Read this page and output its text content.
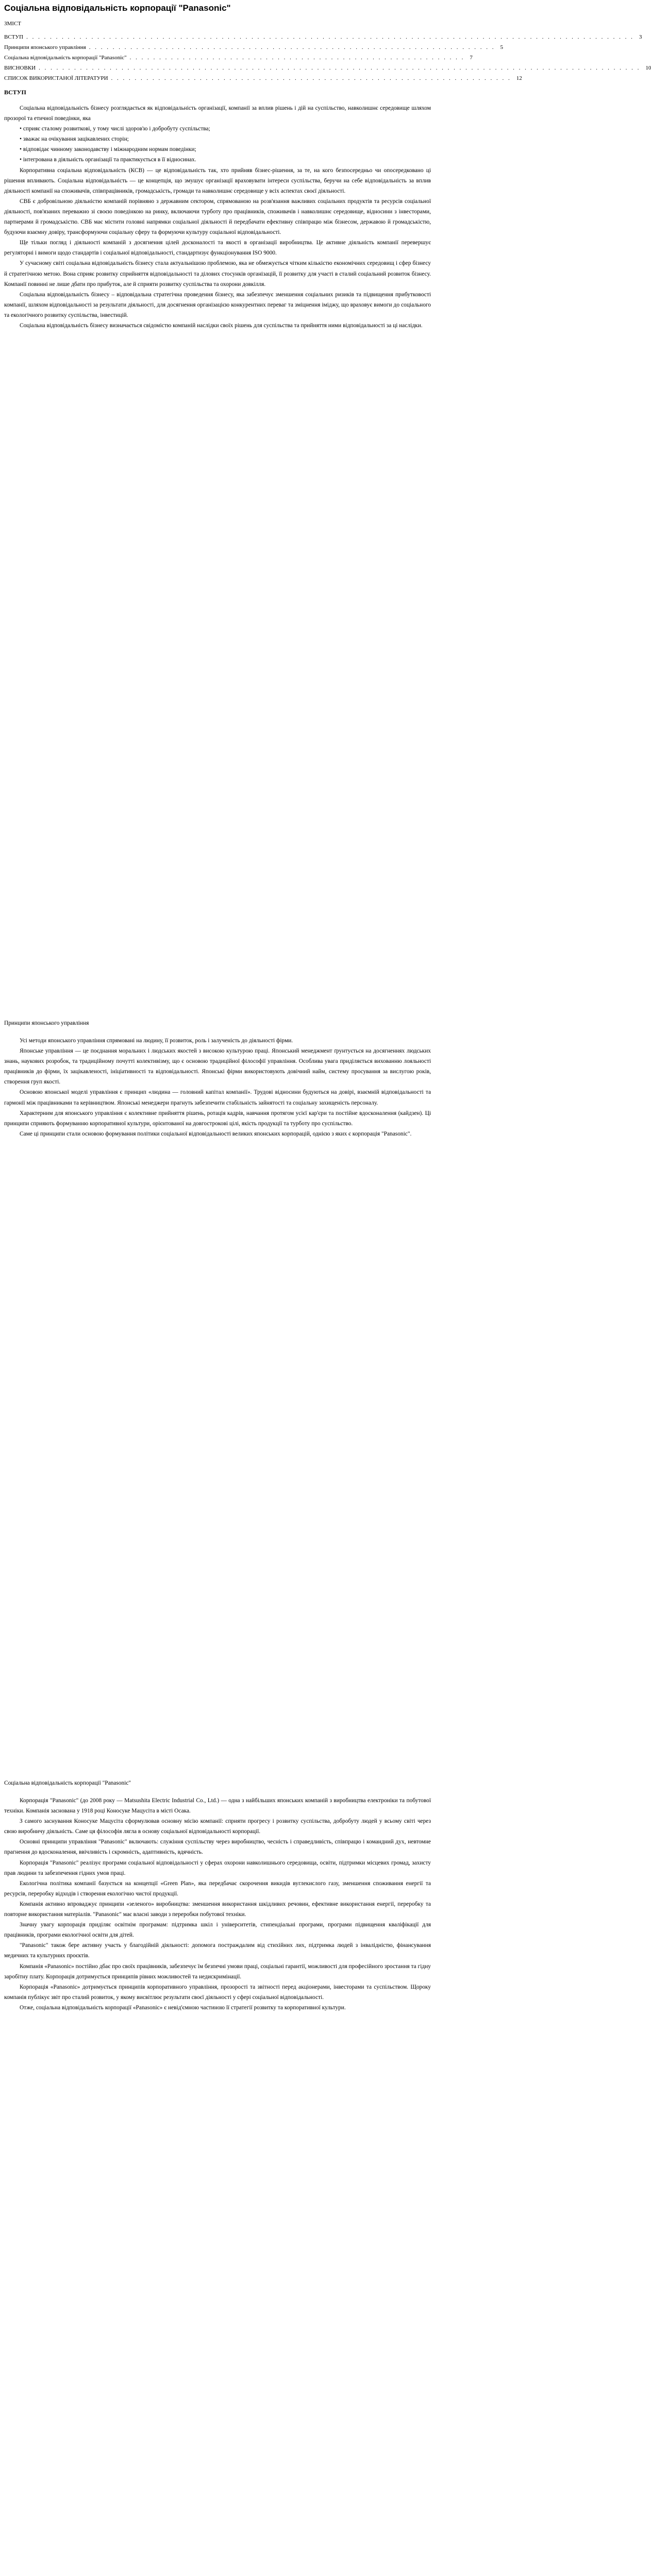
Соціальна відповідальність корпорації "Panasonic"
ЗМІСТ
ВСТУП . . . . . . . . . . . . . . . . . . . . . . . . . . . . . . . . . . . . . . . . . . . . . . . . . . . . . . . . . . . . . . . . . . . . . . . . . . . . . . . . . . . . . . . . . . . . . . . . . . . . . . . 3
Принципи японського управління . . . . . . . . . . . . . . . . . . . . . . . . . . . . . . . . . . . . . . . . . . . . . . . . . . . . . . . . . . . . . . . . . . . . . 5
Соціальна відповідальність корпорації "Panasonic" . . . . . . . . . . . . . . . . . . . . . . . . . . . . . . . . . . . . . . . . . . . . . . . . . . . . . . . . . 7
ВИСНОВКИ . . . . . . . . . . . . . . . . . . . . . . . . . . . . . . . . . . . . . . . . . . . . . . . . . . . . . . . . . . . . . . . . . . . . . . . . . . . . . . . . . . . . . . . . . . . . . . . . . . . . . . 10
СПИСОК ВИКОРИСТАНОЇ ЛІТЕРАТУРИ . . . . . . . . . . . . . . . . . . . . . . . . . . . . . . . . . . . . . . . . . . . . . . . . . . . . . . . . . . . . . . . . . . . . 12
ВСТУП

Соціальна відповідальність бізнесу розглядається як відповідальність організації, компанії за вплив рішень і дій на суспільство, навколишнє середовище шляхом прозорої та етичної поведінки, яка

• сприяє сталому розвиткові, у тому числі здоров'ю і добробуту суспільства;

• зважає на очікування зацікавлених сторін;

• відповідає чинному законодавству і міжнародним нормам поведінки;

• інтегрована в діяльність організації та практикується в її відносинах.

Корпоративна соціальна відповідальність (КСВ) — це відповідальність так, хто прийняв бізнес-рішення, за те, на кого безпосередньо чи опосередковано ці рішення впливають. Соціальна відповідальність — це концепція, що змушує організації враховувати інтереси суспільства, беручи на себе відповідальність за вплив діяльності компанії на споживачів, співпрацівників, громадськість, громади та навколишнє середовище у всіх аспектах своєї діяльності.

СВБ є добровільною діяльністю компаній порівняно з державним сектором, спрямованою на розв'язання важливих соціальних продуктів та ресурсів соціальної діяльності, пов'язаних переважно зі своєю поведінкою на ринку, включаючи турботу про працівників, споживачів і навколишнє середовище, відносини з інвесторами, партнерами й громадськістю. СВБ має містити головні напрямки соціальної діяльності й передбачати ефективну співпрацю між бізнесом, державою й громадськістю, будуючи взаємну довіру, трансформуючи соціальну сферу та формуючи культуру соціальної відповідальності.

Ще тільки погляд і діяльності компаній з досягнення цілей досконалості та якості в організації виробництва. Це активне діяльність компанії перевершує регуляторні і вимоги щодо стандартів і соціальної відповідальності, стандартизує функціонування ISO 9000.

У сучасному світі соціальна відповідальність бізнесу стала актуальнішою проблемою, яка не обмежується чітким кількістю економічних середовищ і сфер бізнесу й стратегічною метою. Вона сприяє розвитку сприйняття відповідальності та ділових стосунків організацій, її розвитку для участі в сталий соціальний розвиток бізнесу. Компанії повинні не лише дбати про прибуток, але й сприяти розвитку суспільства та охорони довкілля.

Соціальна відповідальність бізнесу – відповідальна стратегічна проведення бізнесу, яка забезпечує зменшення соціальних ризиків та підвищення прибутковості компанії, шляхом відповідальності за результати діяльності, для досягнення організацією конкурентних переваг та зміцнення іміджу, що враховує вимоги до соціального та екологічного розвитку суспільства, інвестицій.

Соціальна відповідальність бізнесу визначається свідомістю компаній наслідки своїх рішень для суспільства та прийняття ними відповідальності за ці наслідки.

Принципи японського управління

Усі методи японського управління спрямовані на людину, її розвиток, роль і залученість до діяльності фірми.

Японське управління — це поєднання моральних і людських якостей з високою культурою праці. Японський менеджмент ґрунтується на досягненнях людських знань, наукових розробок, та традиційному почутті колективізму, що є основою традиційної філософії управління. Особлива увага приділяється вихованню лояльності працівників до фірми, їх зацікавленості, ініціативності та відповідальності. Японські фірми використовують довічний найм, систему просування за вислугою років, створення груп якості.

Основою японської моделі управління є принцип «людина — головний капітал компанії». Трудові відносини будуються на довірі, взаємній відповідальності та гармонії між працівниками та керівництвом. Японські менеджери прагнуть забезпечити стабільність зайнятості та соціальну захищеність персоналу.

Характерним для японського управління є колективне прийняття рішень, ротація кадрів, навчання протягом усієї кар'єри та постійне вдосконалення (кайдзен). Ці принципи сприяють формуванню корпоративної культури, орієнтованої на довгострокові цілі, якість продукції та турботу про суспільство.

Саме ці принципи стали основою формування політики соціальної відповідальності великих японських корпорацій, однією з яких є корпорація "Panasonic".

Соціальна відповідальність корпорації "Panasonic"

Корпорація "Panasonic" (до 2008 року — Matsushita Electric Industrial Co., Ltd.) — одна з найбільших японських компаній з виробництва електроніки та побутової техніки. Компанія заснована у 1918 році Коносуке Мацусіта в місті Осака.

З самого заснування Коносуке Мацусіта сформулював основну місію компанії: сприяти прогресу і розвитку суспільства, добробуту людей у всьому світі через свою виробничу діяльність. Саме ця філософія лягла в основу соціальної відповідальності корпорації.

Основні принципи управління "Panasonic" включають: служіння суспільству через виробництво, чесність і справедливість, співпрацю і командний дух, невтомне прагнення до вдосконалення, ввічливість і скромність, адаптивність, вдячність.

Корпорація "Panasonic" реалізує програми соціальної відповідальності у сферах охорони навколишнього середовища, освіти, підтримки місцевих громад, захисту прав людини та забезпечення гідних умов праці.

Екологічна політика компанії базується на концепції «Green Plan», яка передбачає скорочення викидів вуглекислого газу, зменшення споживання енергії та ресурсів, переробку відходів і створення екологічно чистої продукції.

Компанія активно впроваджує принципи «зеленого» виробництва: зменшення використання шкідливих речовин, ефективне використання енергії, переробку та повторне використання матеріалів. "Panasonic" має власні заводи з переробки побутової техніки.

Значну увагу корпорація приділяє освітнім програмам: підтримка шкіл і університетів, стипендіальні програми, програми підвищення кваліфікації для працівників, програми екологічної освіти для дітей.

"Panasonic" також бере активну участь у благодійній діяльності: допомога постраждалим від стихійних лих, підтримка людей з інвалідністю, фінансування медичних та культурних проєктів.

Компанія «Panasonic» постійно дбає про своїх працівників, забезпечує їм безпечні умови праці, соціальні гарантії, можливості для професійного зростання та гідну заробітну плату. Корпорація дотримується принципів рівних можливостей та недискримінації.

Корпорація «Panasonic» дотримується принципів корпоративного управління, прозорості та звітності перед акціонерами, інвесторами та суспільством. Щороку компанія публікує звіт про сталий розвиток, у якому висвітлює результати своєї діяльності у сфері соціальної відповідальності.

Отже, соціальна відповідальність корпорації «Panasonic» є невід'ємною частиною її стратегії розвитку та корпоративної культури.
